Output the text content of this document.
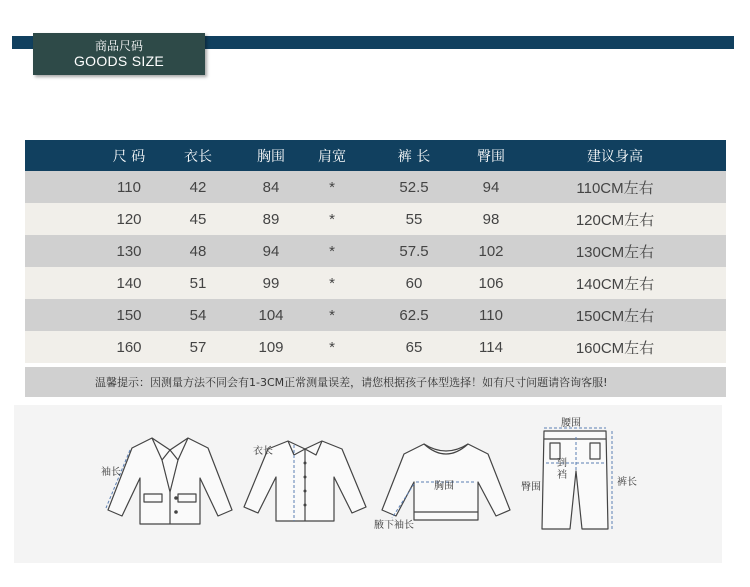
商品尺码
GOODS SIZE
尺 码	衣长	胸围 肩宽	裤 长	臀围	建议身高
110	42	84	*	52.5	94	110CM左右
120	45	89	*	55	98	120CM左右
130	48	94	*	57.5	102	130CM左右
140	51	99	*	60	106	140CM左右
150	54	104	*	62.5	110	150CM左右
160	57	109	*	65	114	160CM左右
温馨提示：因测量方法不同会有1-3CM正常测量误差，请您根据孩子体型选择！如有尺寸问题请咨询客服!
袖长
衣长
胸围
腋下袖长
腰围
到
裆
臀围	裤长
